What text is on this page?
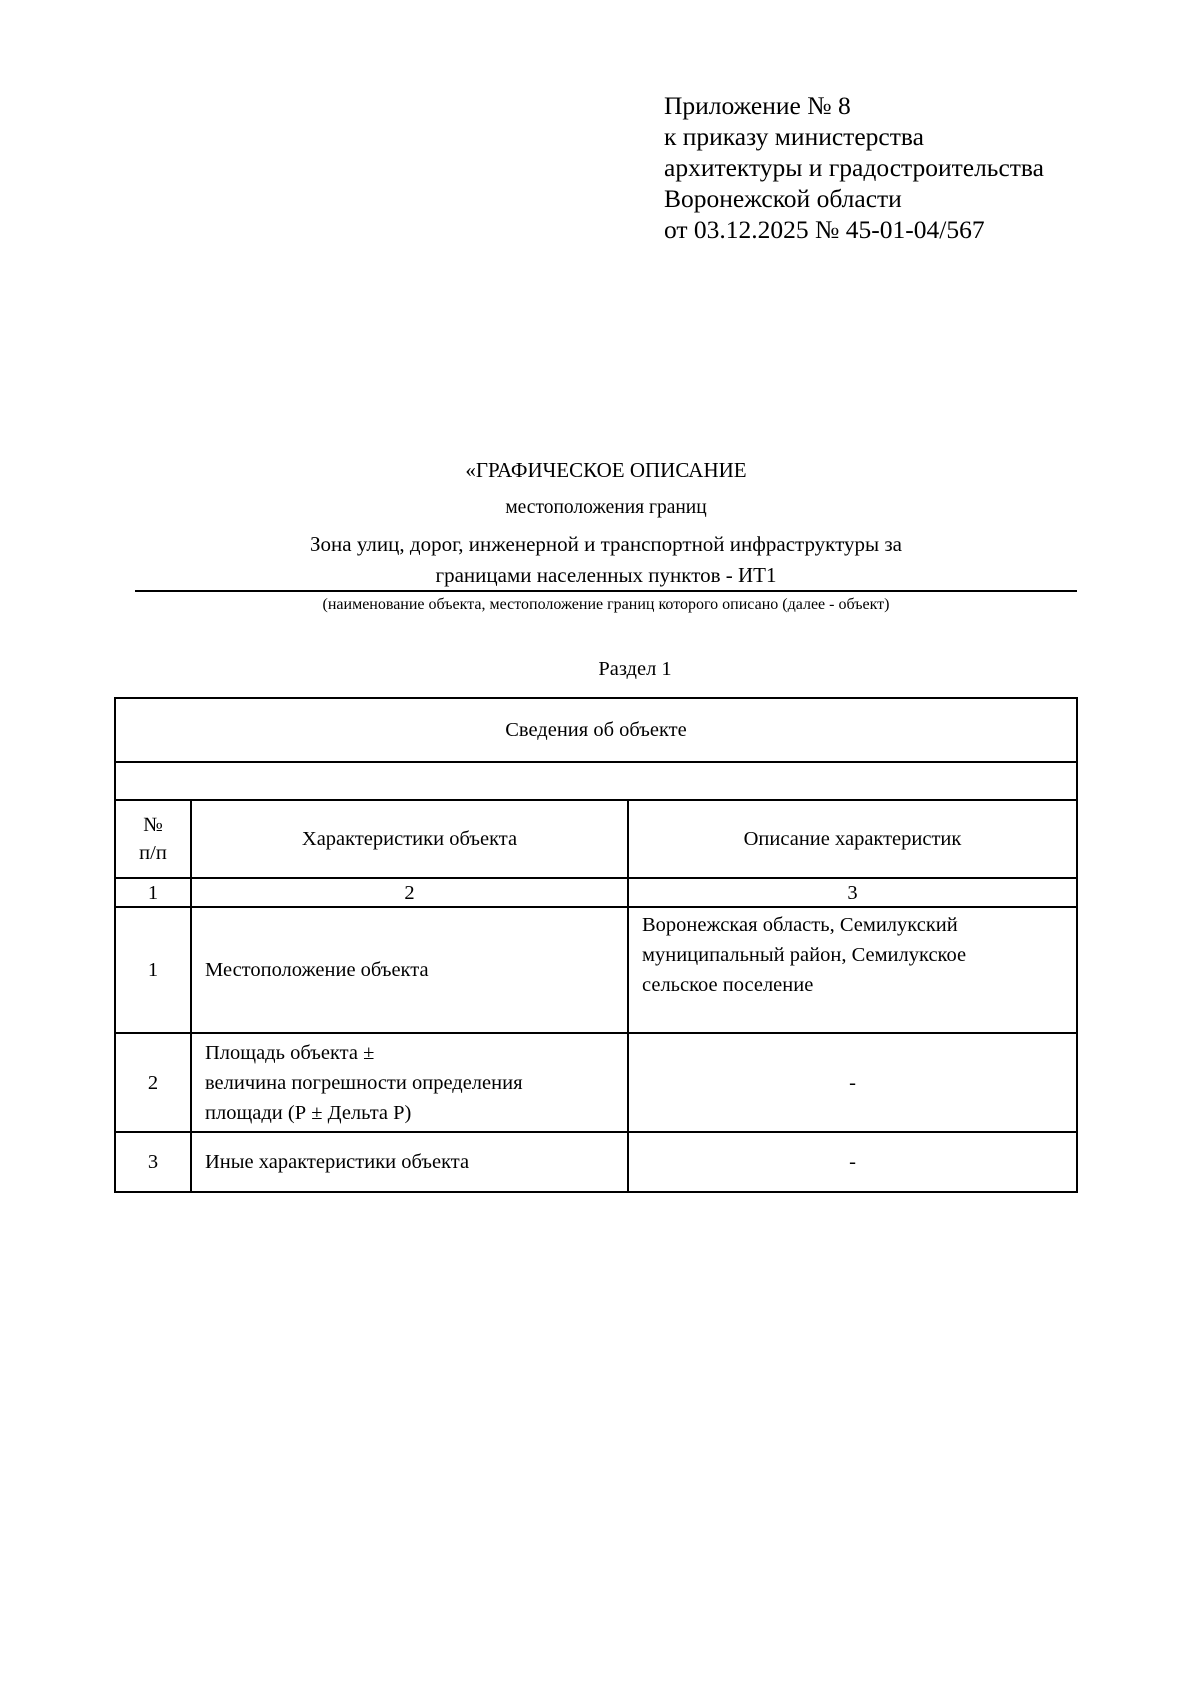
Приложение № 8
к приказу министерства
архитектуры и градостроительства
Воронежской области
от 03.12.2025 № 45-01-04/567
«ГРАФИЧЕСКОЕ ОПИСАНИЕ
местоположения границ
Зона улиц, дорог, инженерной и транспортной инфраструктуры за
границами населенных пунктов - ИТ1
(наименование объекта, местоположение границ которого описано (далее - объект)
Раздел 1
Сведения об объекте		

№
п/п	Характеристики объекта	Описание характеристик
1	2	3
1	Местоположение объекта	Воронежская область, Семилукский
муниципальный район, Семилукское
сельское поселение

2	Площадь объекта ±
величина погрешности определения
площади (Р ± Дельта Р)	-
3	Иные характеристики объекта	-
